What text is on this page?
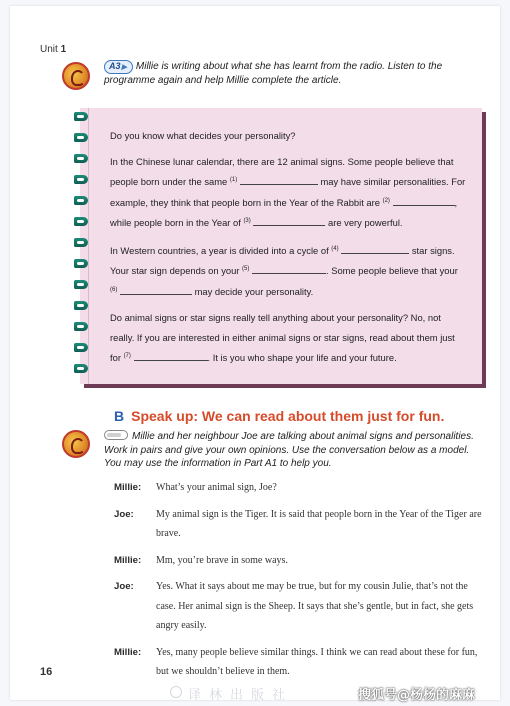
Unit 1
A3▶ Millie is writing about what she has learnt from the radio. Listen to the programme again and help Millie complete the article.

Do you know what decides your personality?

In the Chinese lunar calendar, there are 12 animal signs. Some people believe that
people born under the same $^{(1)}$	may have similar personalities. For
example, they think that people born in the Year of the Rabbit are $^{(2)}$	,
while people born in the Year of $^{(3)}$	are very powerful.

In Western countries, a year is divided into a cycle of $^{(4)}$	star signs.
Your star sign depends on your $^{(5)}$	. Some people believe that your
$^{(6)}$	may decide your personality.

Do animal signs or star signs really tell anything about your personality? No, not
really. If you are interested in either animal signs or star signs, read about them just
for $^{(7)}$	. It is you who shape your life and your future.

B Speak up: We can read about them just for fun.
Millie and her neighbour Joe are talking about animal signs and personalities. Work in pairs and give your own opinions. Use the conversation below as a model. You may use the information in Part A1 to help you.
Millie:	What’s your animal sign, Joe?
Joe:	My animal sign is the Tiger. It is said that people born in the Year of the Tiger are brave.
Millie:	Mm, you’re brave in some ways.
Joe:	Yes. What it says about me may be true, but for my cousin Julie, that’s not the case. Her animal sign is the Sheep. It says that she’s gentle, but in fact, she gets angry easily.
Millie:	Yes, many people believe similar things. I think we can read about these for fun, but we shouldn’t believe in them.
16
译林出版社	搜狐号@杨杨的麻麻
